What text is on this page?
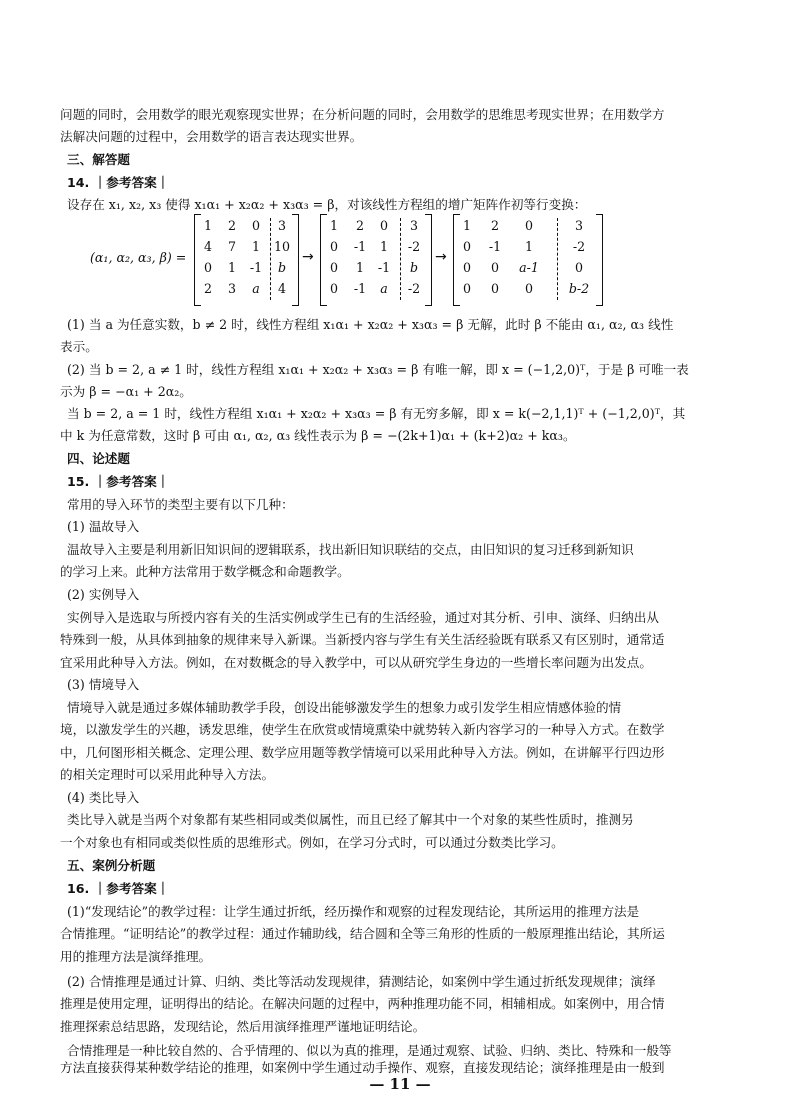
问题的同时，会用数学的眼光观察现实世界；在分析问题的同时，会用数学的思维思考现实世界；在用数学方
法解决问题的过程中，会用数学的语言表达现实世界。
三、解答题
14. ｜参考答案｜
设存在 x₁, x₂, x₃ 使得 x₁α₁ + x₂α₂ + x₃α₃ = β，对该线性方程组的增广矩阵作初等行变换：
(α₁, α₂, α₃, β) =
1	2	0	3
4	7	1	10
0	1	-1	b
2	3	a	4
→
1	2	0	3
0	-1	1	-2
0	1	-1	b
0	-1	a	-2
→
1	2	0	3
0	-1	1	-2
0	0	a-1	0
0	0	0	b-2
(1) 当 a 为任意实数，b ≠ 2 时，线性方程组 x₁α₁ + x₂α₂ + x₃α₃ = β 无解，此时 β 不能由 α₁, α₂, α₃ 线性
表示。
(2) 当 b = 2, a ≠ 1 时，线性方程组 x₁α₁ + x₂α₂ + x₃α₃ = β 有唯一解，即 x = (−1,2,0)ᵀ，于是 β 可唯一表
示为 β = −α₁ + 2α₂。
当 b = 2, a = 1 时，线性方程组 x₁α₁ + x₂α₂ + x₃α₃ = β 有无穷多解，即 x = k(−2,1,1)ᵀ + (−1,2,0)ᵀ，其
中 k 为任意常数，这时 β 可由 α₁, α₂, α₃ 线性表示为 β = −(2k+1)α₁ + (k+2)α₂ + kα₃。
四、论述题
15. ｜参考答案｜
常用的导入环节的类型主要有以下几种：
(1) 温故导入
温故导入主要是利用新旧知识间的逻辑联系，找出新旧知识联结的交点，由旧知识的复习迁移到新知识
的学习上来。此种方法常用于数学概念和命题教学。
(2) 实例导入
实例导入是选取与所授内容有关的生活实例或学生已有的生活经验，通过对其分析、引申、演绎、归纳出从
特殊到一般，从具体到抽象的规律来导入新课。当新授内容与学生有关生活经验既有联系又有区别时，通常适
宜采用此种导入方法。例如，在对数概念的导入教学中，可以从研究学生身边的一些增长率问题为出发点。
(3) 情境导入
情境导入就是通过多媒体辅助教学手段，创设出能够激发学生的想象力或引发学生相应情感体验的情
境，以激发学生的兴趣，诱发思维，使学生在欣赏或情境熏染中就势转入新内容学习的一种导入方式。在数学
中，几何图形相关概念、定理公理、数学应用题等教学情境可以采用此种导入方法。例如，在讲解平行四边形
的相关定理时可以采用此种导入方法。
(4) 类比导入
类比导入就是当两个对象都有某些相同或类似属性，而且已经了解其中一个对象的某些性质时，推测另
一个对象也有相同或类似性质的思维形式。例如，在学习分式时，可以通过分数类比学习。
五、案例分析题
16. ｜参考答案｜
(1)“发现结论”的教学过程：让学生通过折纸，经历操作和观察的过程发现结论，其所运用的推理方法是
合情推理。“证明结论”的教学过程：通过作辅助线，结合圆和全等三角形的性质的一般原理推出结论，其所运
用的推理方法是演绎推理。
(2) 合情推理是通过计算、归纳、类比等活动发现规律，猜测结论，如案例中学生通过折纸发现规律；演绎
推理是使用定理，证明得出的结论。在解决问题的过程中，两种推理功能不同，相辅相成。如案例中，用合情
推理探索总结思路，发现结论，然后用演绎推理严谨地证明结论。
合情推理是一种比较自然的、合乎情理的、似以为真的推理，是通过观察、试验、归纳、类比、特殊和一般等
方法直接获得某种数学结论的推理，如案例中学生通过动手操作、观察，直接发现结论；演绎推理是由一般到
— 11 —
